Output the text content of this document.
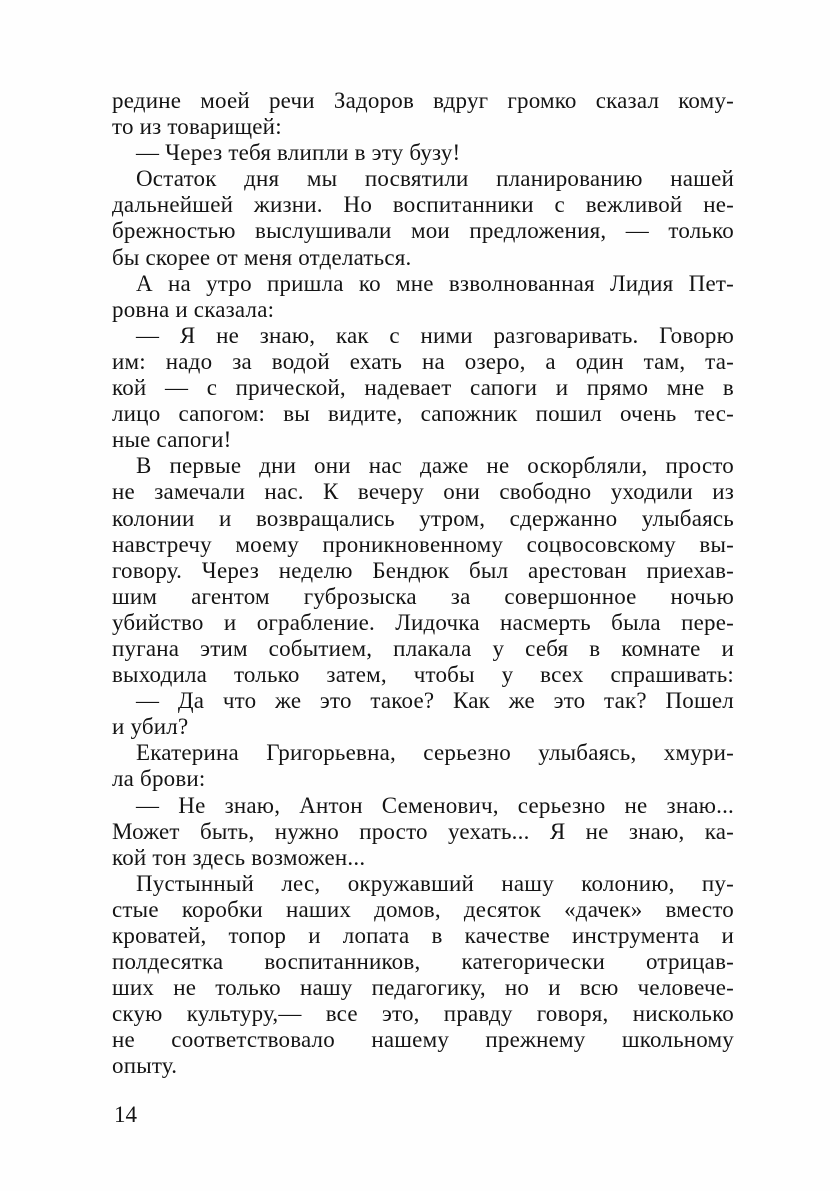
редине моей речи Задоров вдруг громко сказал кому-
то из товарищей:
— Через тебя влипли в эту бузу!
Остаток дня мы посвятили планированию нашей
дальнейшей жизни. Но воспитанники с вежливой не-
брежностью выслушивали мои предложения, — только
бы скорее от меня отделаться.
А на утро пришла ко мне взволнованная Лидия Пет-
ровна и сказала:
— Я не знаю, как с ними разговаривать. Говорю
им: надо за водой ехать на озеро, а один там, та-
кой — с прической, надевает сапоги и прямо мне в
лицо сапогом: вы видите, сапожник пошил очень тес-
ные сапоги!
В первые дни они нас даже не оскорбляли, просто
не замечали нас. К вечеру они свободно уходили из
колонии и возвращались утром, сдержанно улыбаясь
навстречу моему проникновенному соцвосовскому вы-
говору. Через неделю Бендюк был арестован приехав-
шим агентом губрозыска за совершонное ночью
убийство и ограбление. Лидочка насмерть была пере-
пугана этим событием, плакала у себя в комнате и
выходила только затем, чтобы у всех спрашивать:
— Да что же это такое? Как же это так? Пошел
и убил?
Екатерина Григорьевна, серьезно улыбаясь, хмури-
ла брови:
— Не знаю, Антон Семенович, серьезно не знаю...
Может быть, нужно просто уехать... Я не знаю, ка-
кой тон здесь возможен...
Пустынный лес, окружавший нашу колонию, пу-
стые коробки наших домов, десяток «дачек» вместо
кроватей, топор и лопата в качестве инструмента и
полдесятка воспитанников, категорически отрицав-
ших не только нашу педагогику, но и всю человече-
скую культуру,— все это, правду говоря, нисколько
не соответствовало нашему прежнему школьному
опыту.
14
